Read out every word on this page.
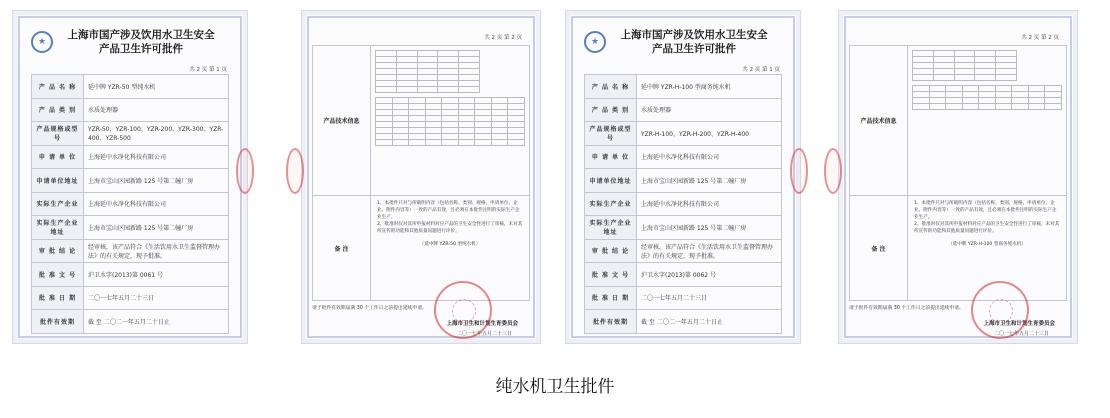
★
上海市国产涉及饮用水卫生安全
产品卫生许可批件
共 2 页 第 1 页
产 品 名 称	延中牌 YZR-50 型纯水机
产 品 类 别	水质处理器
产品规格或型号	YZR-50、YZR-100、YZR-200、YZR-300、YZR-400、YZR-500
申 请 单 位	上海延中水净化科技有限公司
申请单位地址	上海市宝山区园新路 125 号第二幢厂房
实际生产企业	上海延中水净化科技有限公司
实际生产企业地址	上海市宝山区园新路 125 号第二幢厂房
审 批 结 论	经审核，该产品符合《生活饮用水卫生监督管理办法》的有关规定，现予批准。
批 准 文 号	沪卫水字(2013)第 0061 号
批 准 日 期	二〇一七年五月二十三日
批件有效期	截 至 二〇二一年五月二十日止
共 2 页 第 2 页
产品技术信息
备 注
1、本批件只对与所载明内容（包括名称、类别、规格、申请单位、企业、附件内容等）一致的产品有效，且必须在本批件注明的实际生产企业生产。
2、批准时仅对其所申报材料对应产品的卫生安全性进行了审核，未对其所宣传的功能和其他质量问题进行评价。
（延中牌 YZR-50 型纯水机）
请于批件有效期届满 30 个工作日之前提出延续申请。
上海市卫生和计划生育委员会
二〇一七年五月二十三日
★
上海市国产涉及饮用水卫生安全
产品卫生许可批件
共 2 页 第 1 页
产 品 名 称	延中牌 YZR-H-100 型商务纯水机
产 品 类 别	水质处理器
产品规格或型号	YZR-H-100、YZR-H-200、YZR-H-400
申 请 单 位	上海延中水净化科技有限公司
申请单位地址	上海市宝山区园新路 125 号第二幢厂房
实际生产企业	上海延中水净化科技有限公司
实际生产企业地址	上海市宝山区园新路 125 号第二幢厂房
审 批 结 论	经审核，该产品符合《生活饮用水卫生监督管理办法》的有关规定，现予批准。
批 准 文 号	沪卫水字(2013)第 0062 号
批 准 日 期	二〇一七年五月二十三日
批件有效期	截 至 二〇二一年五月二十日止
共 2 页 第 2 页
产品技术信息
备 注
1、本批件只对与所载明内容（包括名称、类别、规格、申请单位、企业、附件内容等）一致的产品有效，且必须在本批件注明的实际生产企业生产。
2、批准时仅对其所申报材料对应产品的卫生安全性进行了审核，未对其所宣传的功能和其他质量问题进行评价。
（延中牌 YZR-H-100 型商务纯水机）
请于批件有效期届满 30 个工作日之前提出延续申请。
上海市卫生和计划生育委员会
二〇一七年五月二十三日
纯水机卫生批件
